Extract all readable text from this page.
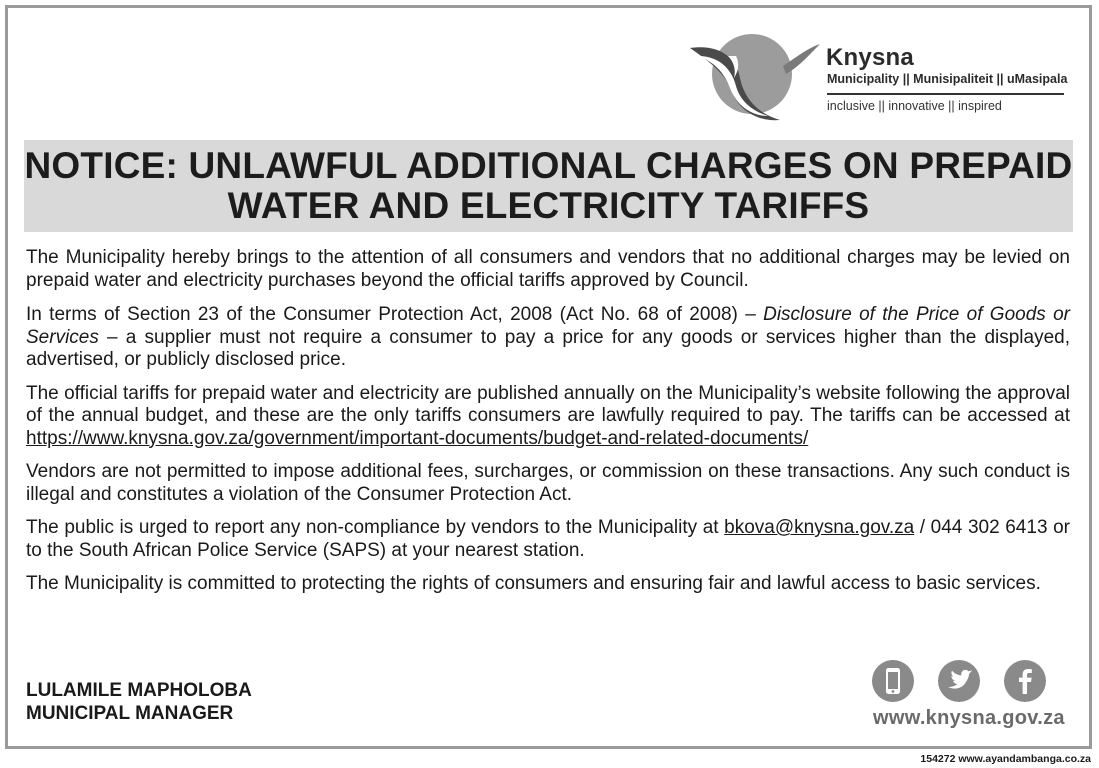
Knysna
Municipality || Munisipaliteit || uMasipala
inclusive || innovative || inspired
NOTICE: UNLAWFUL ADDITIONAL CHARGES ON PREPAID
WATER AND ELECTRICITY TARIFFS

The Municipality hereby brings to the attention of all consumers and vendors that no additional charges may be levied on prepaid water and electricity purchases beyond the official tariffs approved by Council.

In terms of Section 23 of the Consumer Protection Act, 2008 (Act No. 68 of 2008) – Disclosure of the Price of Goods or Services – a supplier must not require a consumer to pay a price for any goods or services higher than the displayed, advertised, or publicly disclosed price.

The official tariffs for prepaid water and electricity are published annually on the Municipality’s website following the approval of the annual budget, and these are the only tariffs consumers are lawfully required to pay. The tariffs can be accessed at https://www.knysna.gov.za/government/important-documents/budget-and-related-documents/

Vendors are not permitted to impose additional fees, surcharges, or commission on these transactions. Any such conduct is illegal and constitutes a violation of the Consumer Protection Act.

The public is urged to report any non-compliance by vendors to the Municipality at bkova@knysna.gov.za / 044 302 6413 or to the South African Police Service (SAPS) at your nearest station.

The Municipality is committed to protecting the rights of consumers and ensuring fair and lawful access to basic services.

LULAMILE MAPHOLOBA
MUNICIPAL MANAGER	www.knysna.gov.za
154272 www.ayandambanga.co.za
